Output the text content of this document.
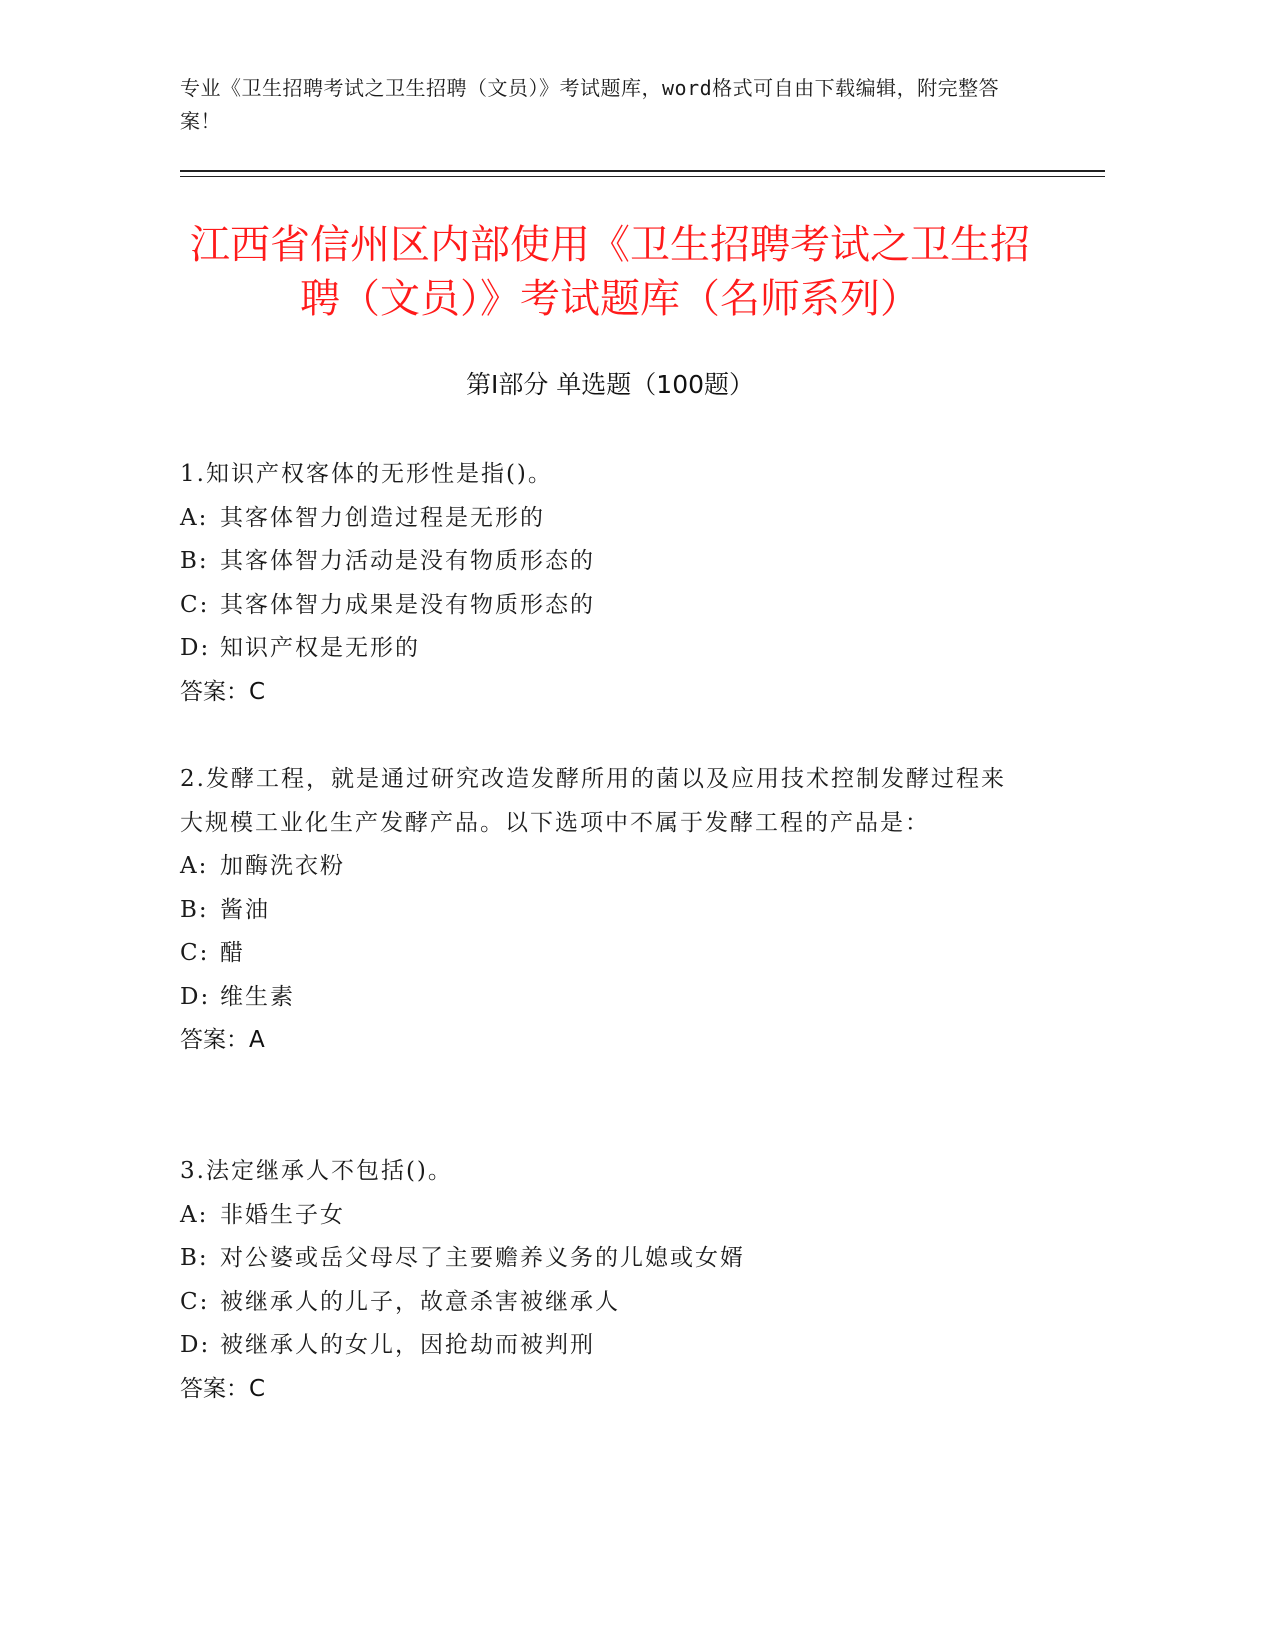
专业《卫生招聘考试之卫生招聘（文员）》考试题库，word格式可自由下载编辑，附完整答案！
江西省信州区内部使用《卫生招聘考试之卫生招聘（文员）》考试题库（名师系列）
第Ⅰ部分 单选题（100题）

1.知识产权客体的无形性是指()。

A: 其客体智力创造过程是无形的

B: 其客体智力活动是没有物质形态的

C: 其客体智力成果是没有物质形态的

D: 知识产权是无形的

答案：C

2.发酵工程，就是通过研究改造发酵所用的菌以及应用技术控制发酵过程来大规模工业化生产发酵产品。以下选项中不属于发酵工程的产品是：

A: 加酶洗衣粉

B: 酱油

C: 醋

D: 维生素

答案：A

3.法定继承人不包括()。

A: 非婚生子女

B: 对公婆或岳父母尽了主要赡养义务的儿媳或女婿

C: 被继承人的儿子，故意杀害被继承人

D: 被继承人的女儿，因抢劫而被判刑

答案：C
